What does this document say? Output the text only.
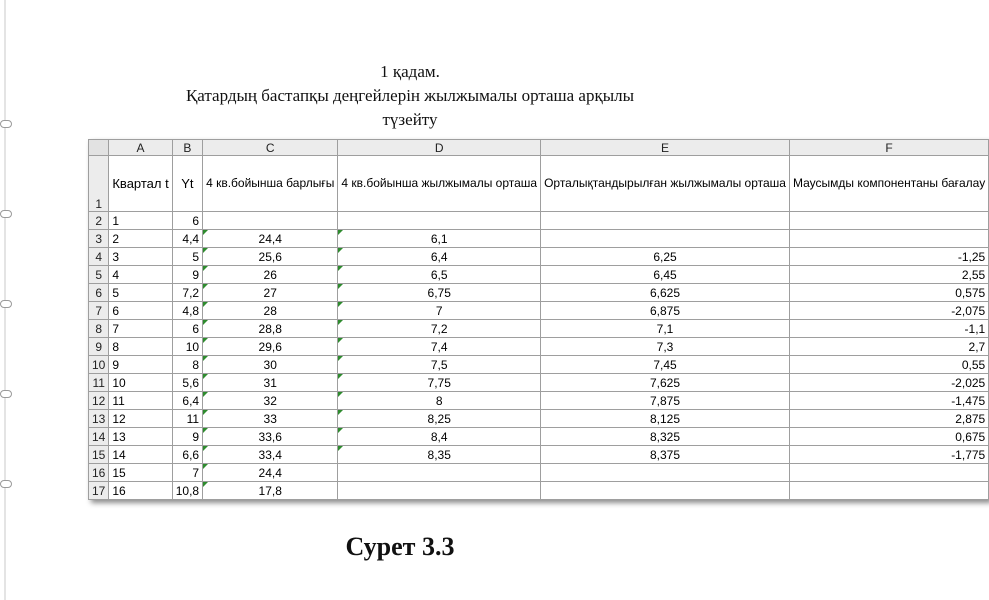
1 қадам.
Қатардың бастапқы деңгейлерін жылжымалы орташа арқылы
түзейту
	A	B	C	D	E	F
1	Квартал t	Yt	4 кв.бойынша барлығы	4 кв.бойынша жылжымалы орташа	Орталықтандырылған жылжымалы орташа	Маусымды компонентаны бағалау
2	1	6				
3	2	4,4	24,4	6,1		
4	3	5	25,6	6,4	6,25	-1,25
5	4	9	26	6,5	6,45	2,55
6	5	7,2	27	6,75	6,625	0,575
7	6	4,8	28	7	6,875	-2,075
8	7	6	28,8	7,2	7,1	-1,1
9	8	10	29,6	7,4	7,3	2,7
10	9	8	30	7,5	7,45	0,55
11	10	5,6	31	7,75	7,625	-2,025
12	11	6,4	32	8	7,875	-1,475
13	12	11	33	8,25	8,125	2,875
14	13	9	33,6	8,4	8,325	0,675
15	14	6,6	33,4	8,35	8,375	-1,775
16	15	7	24,4			
17	16	10,8	17,8			
Сурет 3.3
